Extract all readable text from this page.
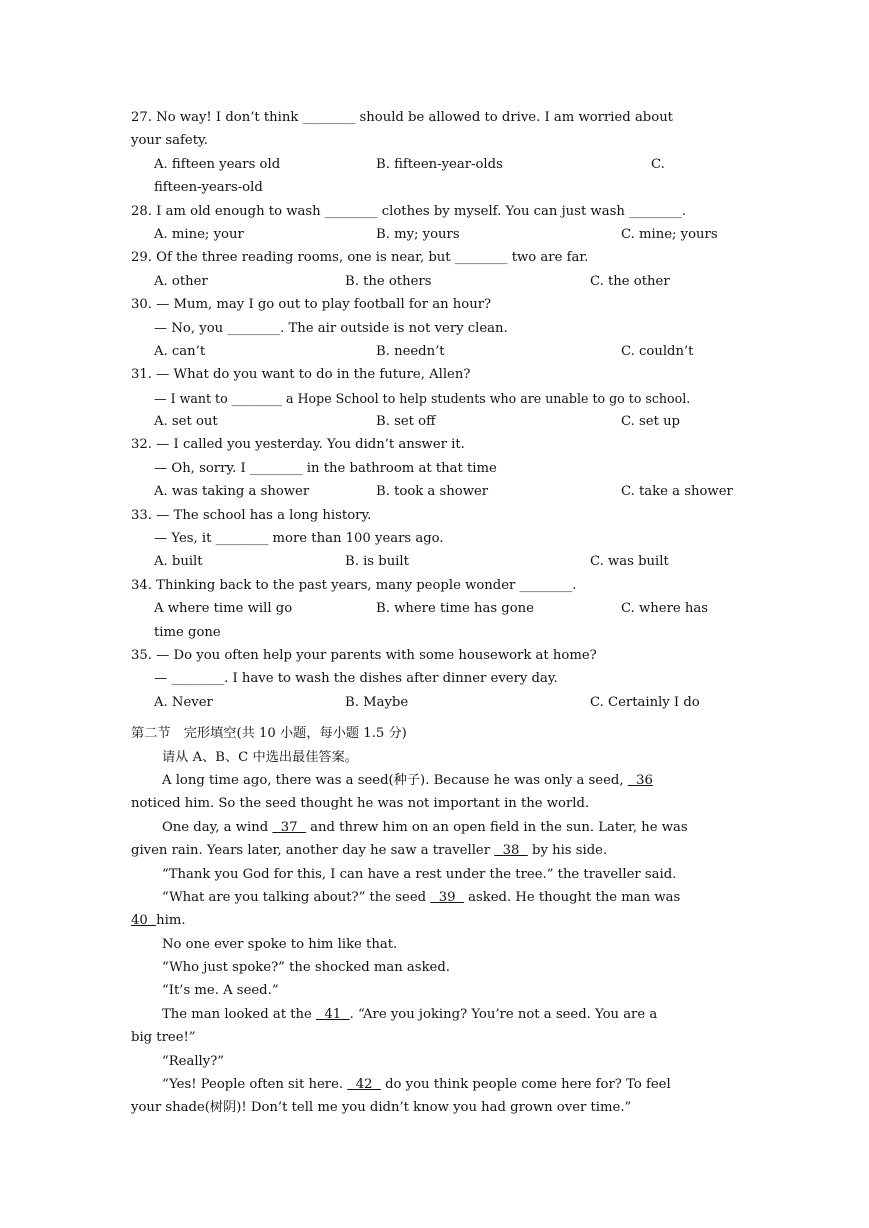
27. No way! I don’t think ________ should be allowed to drive. I am worried about
your safety.
A. fifteen years old	B. fifteen-year-olds	C.
fifteen-years-old
28. I am old enough to wash ________ clothes by myself. You can just wash ________.
A. mine; your	B. my; yours	C. mine; yours
29. Of the three reading rooms, one is near, but ________ two are far.
A. other	B. the others	C. the other
30. — Mum, may I go out to play football for an hour?
— No, you ________. The air outside is not very clean.
A. can’t	B. needn’t	C. couldn’t
31. — What do you want to do in the future, Allen?
— I want to ________ a Hope School to help students who are unable to go to school.
A. set out	B. set off	C. set up
32. — I called you yesterday. You didn’t answer it.
— Oh, sorry. I ________ in the bathroom at that time
A. was taking a shower	B. took a shower	C. take a shower
33. — The school has a long history.
— Yes, it ________ more than 100 years ago.
A. built	B. is built	C. was built
34. Thinking back to the past years, many people wonder ________.
A where time will go	B. where time has gone	C. where has
time gone
35. — Do you often help your parents with some housework at home?
— ________. I have to wash the dishes after dinner every day.
A. Never	B. Maybe	C. Certainly I do
第二节　完形填空(共 10 小题，每小题 1.5 分)
请从 A、B、C 中选出最佳答案。
A long time ago, there was a seed(种子). Because he was only a seed,   36
noticed him. So the seed thought he was not important in the world.
One day, a wind   37   and threw him on an open field in the sun. Later, he was
given rain. Years later, another day he saw a traveller   38   by his side.
“Thank you God for this, I can have a rest under the tree.” the traveller said.
“What are you talking about?” the seed   39   asked. He thought the man was
40  him.
No one ever spoke to him like that.
“Who just spoke?” the shocked man asked.
“It’s me. A seed.”
The man looked at the   41  . “Are you joking? You’re not a seed. You are a
big tree!”
“Really?”
“Yes! People often sit here.   42   do you think people come here for? To feel
your shade(树阴)! Don’t tell me you didn’t know you had grown over time.”
